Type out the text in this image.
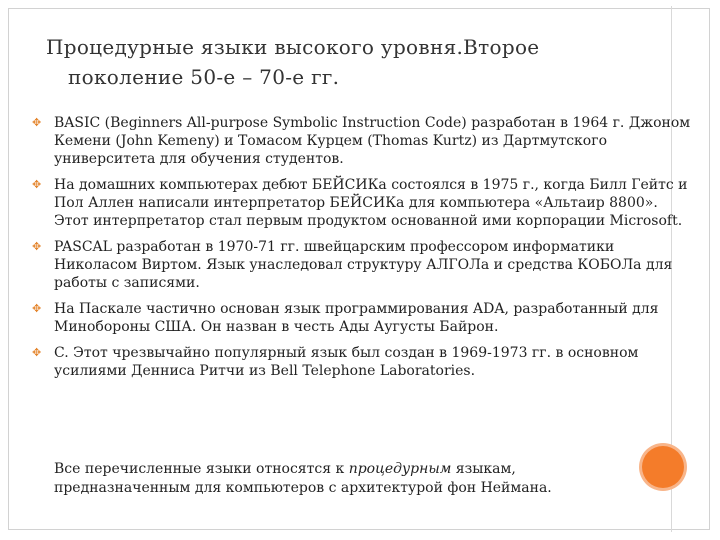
Процедурные языки высокого уровня.Второе
поколение 50-е – 70-е гг.
✥ BASIC (Beginners All-purpose Symbolic Instruction Code) разработан в 1964 г. Джоном Кемени (John Kemeny) и Томасом Курцем (Thomas Kurtz) из Дартмутского университета для обучения студентов.
✥ На домашних компьютерах дебют БЕЙСИКа состоялся в 1975 г., когда Билл Гейтс и Пол Аллен написали интерпретатор БЕЙСИКа для компьютера «Альтаир 8800». Этот интерпретатор стал первым продуктом основанной ими корпорации Microsoft.
✥ PASCAL разработан в 1970-71 гг. швейцарским профессором информатики Николасом Виртом. Язык унаследовал структуру АЛГОЛа и средства КОБОЛа для работы с записями.
✥ На Паскале частично основан язык программирования ADA, разработанный для Минобороны США. Он назван в честь Ады Аугусты Байрон.
✥ C. Этот чрезвычайно популярный язык был создан в 1969-1973 гг. в основном усилиями Денниса Ритчи из Bell Telephone Laboratories.
Все перечисленные языки относятся к процедурным языкам, предназначенным для компьютеров с архитектурой фон Неймана.
